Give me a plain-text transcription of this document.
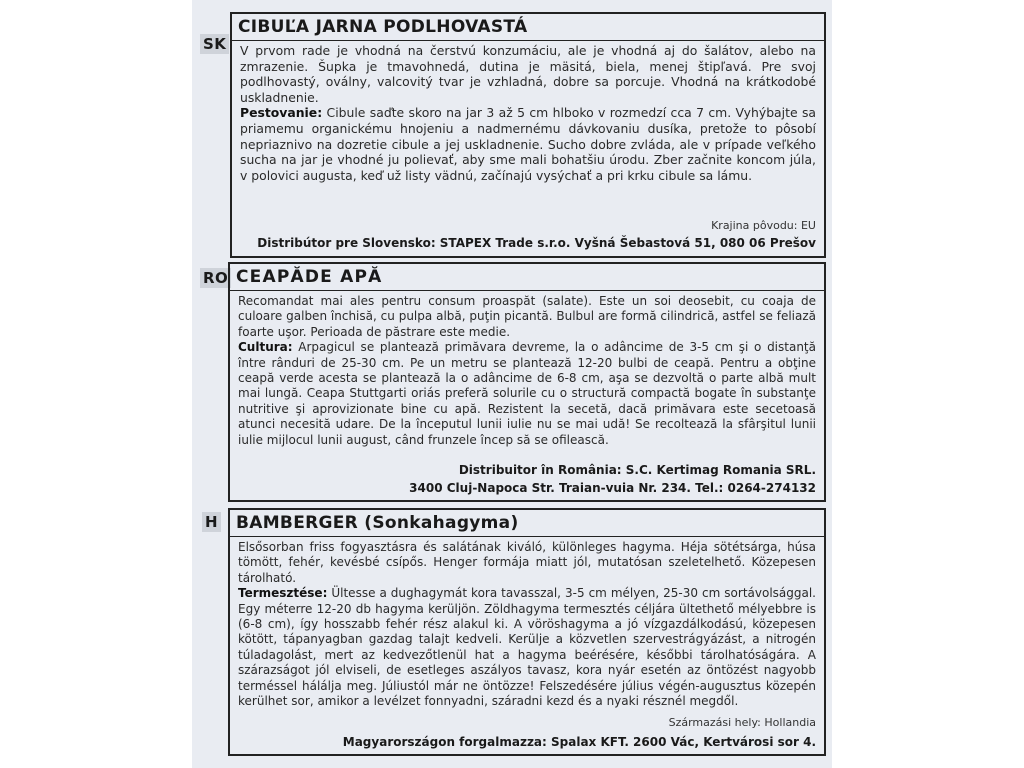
SK
CIBUĽA JARNA PODLHOVASTÁ

V prvom rade je vhodná na čerstvú konzumáciu, ale je vhodná aj do šalátov, alebo na zmrazenie. Šupka je tmavohnedá, dutina je mäsitá, biela, menej štipľavá. Pre svoj podlhovastý, oválny, valcovitý tvar je vzhladná, dobre sa porcuje. Vhodná na krátkodobé uskladnenie.

Pestovanie: Cibule saďte skoro na jar 3 až 5 cm hlboko v rozmedzí cca 7 cm. Vyhýbajte sa priamemu organickému hnojeniu a nadmernému dávkovaniu dusíka, pretože to pôsobí nepriaznivo na dozretie cibule a jej uskladnenie. Sucho dobre zvláda, ale v prípade veľkého sucha na jar je vhodné ju polievať, aby sme mali bohatšiu úrodu. Zber začnite koncom júla, v polovici augusta, keď už listy vädnú, začínajú vysýchať a pri krku cibule sa lámu.

Krajina pôvodu: EU
Distribútor pre Slovensko: STAPEX Trade s.r.o. Vyšná Šebastová 51, 080 06 Prešov
RO CEAPĂDE APĂ

Recomandat mai ales pentru consum proaspăt (salate). Este un soi deosebit, cu coaja de culoare galben închisă, cu pulpa albă, puţin picantă. Bulbul are formă cilindrică, astfel se feliază foarte uşor. Perioada de păstrare este medie.

Cultura: Arpagicul se plantează primăvara devreme, la o adâncime de 3-5 cm şi o distanţă între rânduri de 25-30 cm. Pe un metru se plantează 12-20 bulbi de ceapă. Pentru a obţine ceapă verde acesta se plantează la o adâncime de 6-8 cm, aşa se dezvoltă o parte albă mult mai lungă. Ceapa Stuttgarti oriás preferă solurile cu o structură compactă bogate în substanţe nutritive şi aprovizionate bine cu apă. Rezistent la secetă, dacă primăvara este secetoasă atunci necesită udare. De la începutul lunii iulie nu se mai udă! Se recoltează la sfârşitul lunii iulie mijlocul lunii august, când frunzele încep să se ofilească.

Distribuitor în România: S.C. Kertimag Romania SRL.
3400 Cluj-Napoca Str. Traian-vuia Nr. 234. Tel.: 0264-274132
H BAMBERGER (Sonkahagyma)

Elsősorban friss fogyasztásra és salátának kiváló, különleges hagyma. Héja sötétsárga, húsa tömött, fehér, kevésbé csípős. Henger formája miatt jól, mutatósan szeletelhető. Közepesen tárolható.

Termesztése: Ültesse a dughagymát kora tavasszal, 3-5 cm mélyen, 25-30 cm sortávolsággal. Egy méterre 12-20 db hagyma kerüljön. Zöldhagyma termesztés céljára ültethető mélyebbre is (6-8 cm), így hosszabb fehér rész alakul ki. A vöröshagyma a jó vízgazdálkodású, közepesen kötött, tápanyagban gazdag talajt kedveli. Kerülje a közvetlen szervestrágyázást, a nitrogén túladagolást, mert az kedvezőtlenül hat a hagyma beérésére, későbbi tárolhatóságára. A szárazságot jól elviseli, de esetleges aszályos tavasz, kora nyár esetén az öntözést nagyobb terméssel hálálja meg. Júliustól már ne öntözze! Felszedésére július végén-augusztus közepén kerülhet sor, amikor a levélzet fonnyadni, száradni kezd és a nyaki résznél megdől.

Származási hely: Hollandia
Magyarországon forgalmazza: Spalax KFT. 2600 Vác, Kertvárosi sor 4.
